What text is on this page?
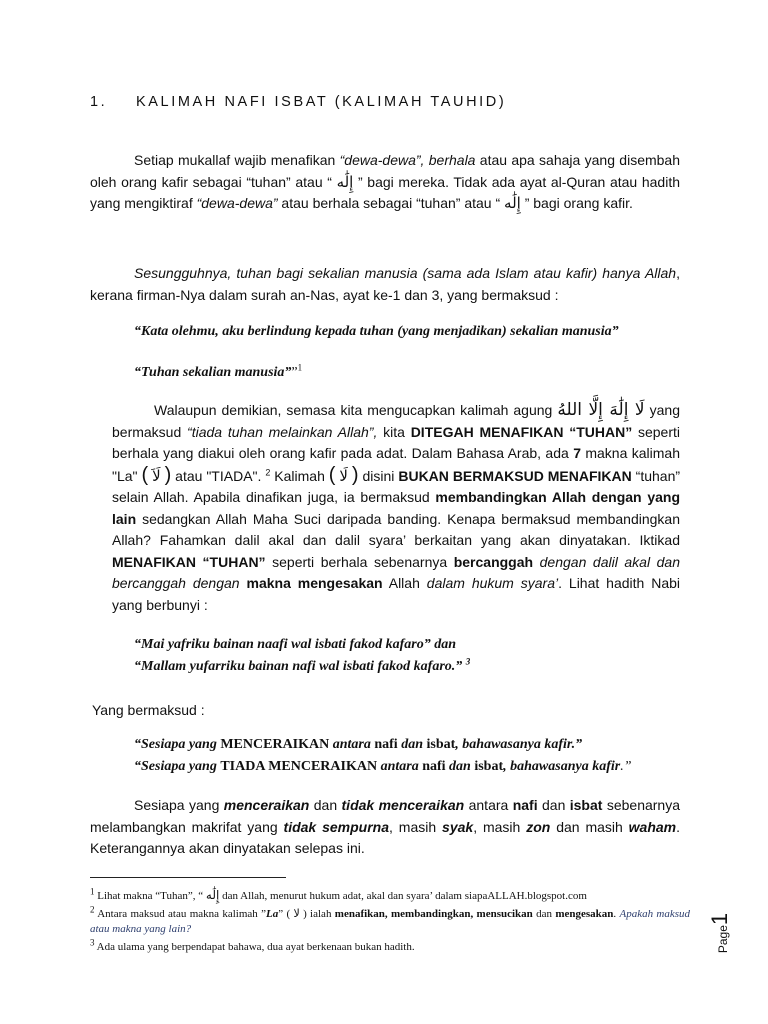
1. KALIMAH NAFI ISBAT (KALIMAH TAUHID)
Setiap mukallaf wajib menafikan “dewa-dewa”, berhala atau apa sahaja yang disembah oleh orang kafir sebagai “tuhan” atau “ إِلَٰه ” bagi mereka. Tidak ada ayat al-Quran atau hadith yang mengiktiraf “dewa-dewa” atau berhala sebagai “tuhan” atau “ إِلَٰه ” bagi orang kafir.
Sesungguhnya, tuhan bagi sekalian manusia (sama ada Islam atau kafir) hanya Allah, kerana firman-Nya dalam surah an-Nas, ayat ke-1 dan 3, yang bermaksud :
“Kata olehmu, aku berlindung kepada tuhan (yang menjadikan) sekalian manusia”
“Tuhan sekalian manusia””$^1$
Walaupun demikian, semasa kita mengucapkan kalimah agung لَا إِلَٰهَ إِلَّا اللهُ yang bermaksud “tiada tuhan melainkan Allah”, kita DITEGAH MENAFIKAN “TUHAN” seperti berhala yang diakui oleh orang kafir pada adat. Dalam Bahasa Arab, ada 7 makna kalimah "La" ( لَاَ ) atau "TIADA". $^2$ Kalimah ( لَا ) disini BUKAN BERMAKSUD MENAFIKAN “tuhan” selain Allah. Apabila dinafikan juga, ia bermaksud membandingkan Allah dengan yang lain sedangkan Allah Maha Suci daripada banding. Kenapa bermaksud membandingkan Allah? Fahamkan dalil akal dan dalil syara’ berkaitan yang akan dinyatakan. Iktikad MENAFIKAN “TUHAN” seperti berhala sebenarnya bercanggah dengan dalil akal dan bercanggah dengan makna mengesakan Allah dalam hukum syara’. Lihat hadith Nabi yang berbunyi :
“Mai yafriku bainan naafi wal isbati fakod kafaro” dan
“Mallam yufarriku bainan nafi wal isbati fakod kafaro.” $^3$
Yang bermaksud :
“Sesiapa yang MENCERAIKAN antara nafi dan isbat, bahawasanya kafir.”
“Sesiapa yang TIADA MENCERAIKAN antara nafi dan isbat, bahawasanya kafir.”
Sesiapa yang menceraikan dan tidak menceraikan antara nafi dan isbat sebenarnya melambangkan makrifat yang tidak sempurna, masih syak, masih zon dan masih waham. Keterangannya akan dinyatakan selepas ini.
$^1$ Lihat makna “Tuhan”, “ إِلَٰه dan Allah, menurut hukum adat, akal dan syara’ dalam siapaALLAH.blogspot.com
$^2$ Antara maksud atau makna kalimah ”La” ( لا ) ialah menafikan, membandingkan, mensucikan dan mengesakan. Apakah maksud atau makna yang lain?
$^3$ Ada ulama yang berpendapat bahawa, dua ayat berkenaan bukan hadith.	Page1
